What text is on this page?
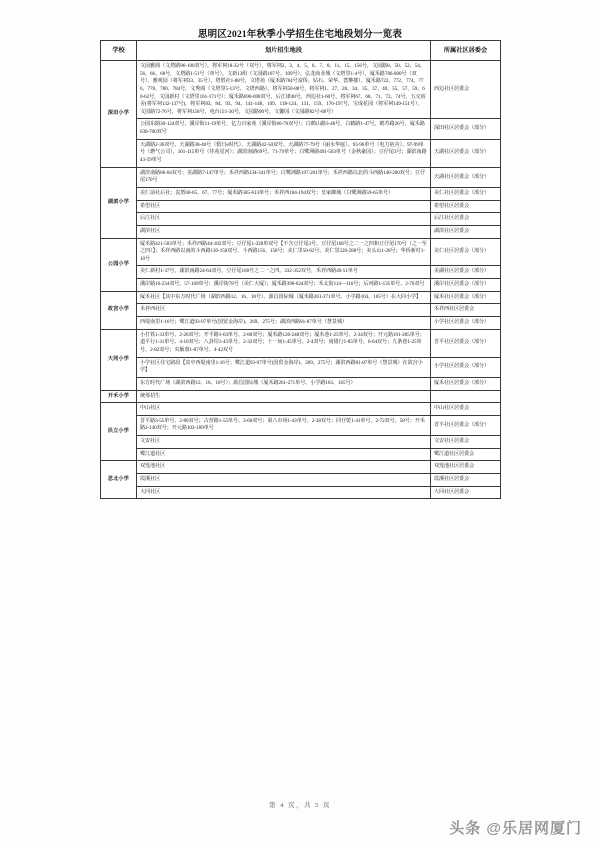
思明区2021年秋季小学招生住宅地段划分一览表
学校	划片招生地段	所属社区居委会
深田小学	文园雅阁（文塔路86-100双号），将军祠18-32号（双号），将军祠2、3、4、5、6、7、8、11、15、156号，文园路8、50、52、54、56、66、68号，文塔路1-51号（单号），文新13组（文园路107号、109号），弘龙商业城（文塔里1-4号），厦禾路786-800号（双号），雅观园（将军祠33、35号），塔厝社1-88号，文塔苑（厦禾路784号富侨、钻石、荣华、蔷攀楼），厦禾路722、772、774、776、778、780、784号，文秀阁（文塔里5-13号、文塔西路），将军祠50-88号，将军祠1、27、28、34、35、37、40、55、57、59、60-62号，文园新村（文塔里161-171号）；厦禾路690-698双号，后江埭48号，西边社1-60号，将军祠67、68、71、72、74号，五交宿舍(将军祠132-137号)，将军祠83、84、93、94、141-148、109、118-124、131、159、176-197号，宝成花园（将军祠149-151号），文园路72-76号，将军祠158号，电台山1-30号，文园路90号，文馨园（文园路82号-88号）	西边社区居委会
	公园东路30-124双号，溪岸街11-19单号，亿力百家苑（溪岸街60-70双号）；白鹤山路3-48号，白鹤路1-47号，鹤寿路26号，厦禾路630-700双号	深田社区居委会（部分）
	天湖路2-36双号、天湖路38-40号（假日e时代）、天湖路42-50双号、天湖路77-79号（丽水华庭）、93-96单号（电力宿舍）、97-99单号（燃气公司）、101-115单号（佳苑星河）；湖滨南路69号、71-79单号；白鹭洲路491-503单号（金秋豪园）；豆仔尾3号；湖滨南路43-59单号	天湖社区居委会（部分）
湖滨小学	湖滨南路66-84双号；美湖路7-147单号；禾祥西路134-341单号；白鹭洲路197-201单号；禾祥西路以北的斗西路140-200双号；豆仔尾170号	天湖社区居委会（部分）
	美仁前社后社；袁厝60-65、67、77号；厦禾路585-613单号；禾祥西184-194双号；皇家御城（白鹭洲路59-65单号）	美仁社区居委会（部分）
	希望社区	希望社区居委会
	后江社区	后江社区居委会
	湖滨社区	湖滨社区居委会
公园小学	厦禾路421-583单号；禾祥西路44-182双号；豆仔尾1-328单双号【不含豆仔尾3号、豆仔尾168号之二一之四和豆仔尾170号（之一至之四）】；禾祥西路以南的斗西路130-150双号、斗西路156、158号；美仁里50-62号、美仁里220-288号；美头山1-28号；华侨新村1-10号	美仁社区居委会（部分）
	美仁新村1-37号，湖滨南路24-64双号，豆仔尾168号之二一之四、332-352双号，禾祥西路49-51单号	美湖社区居委会（部分）
	溪岸路16-234双号、57-169单号；溪岸街78号（美仁大厦）；厦禾路390-624双号；禾太街114—116号；后河路1-135单号、2-70双号	溪岸社区居委会（部分）
故宫小学	厦禾社区【其中东方时代广场（湖滨西路12、16、18号）、源昌国际城（厦禾路261-271单号、小学路163、165号）在大同小学】	厦禾社区居委会（部分）
	禾祥西社区	禾祥西社区居委会
	西堤南里1-16号；鹭江道93-97单号(国贸金海岸)、269、275号；湖滨西路81-87单号（慧景城）	小学社区居委会（部分）
大同小学	小打铁1-33单号、2-26双号；开平路1-63单号、2-80双号；厦禾路126-248双号；厦禾巷1-25单号、2-34双号；开元路191-285单号；道平行1-31单号、4-10双号；八卦埕1-45单号、2-32双号；十一间1-45单号、2-4双号；南猪行1-85单号、6-64双号；九条巷1-25单号、2-82双号；夹飯寮1-87单号、4-42双号	晋平社区居委会（部分）
	小学社区住宅路段【其中西堤南里1-16号；鹭江道93-97单号(国贸金海岸)、269、275号；湖滨西路81-87单号（慧景城）在故宫小学】	小学社区居委会（部分）
	东方时代广场（湖滨西路12、16、18号）；源昌国际城（厦禾路261-271单号、小学路163、165号）	厦禾社区居委会（部分）
开禾小学	统筹招生	
民立小学	中山社区	中山社区居委会
	晋平路3-55单号、2-80双号；古营路1-55单号、2-60双号；第八市场1-43单号、2-38双号；同仔乾1-41单号、2-72双号、58号；开禾路2-140双号；开元路103-189单号	晋平社区居委会（部分）
	文安社区	文安社区居委会
	鹭江道社区	鹭江道社区居委会
思北小学	双莲池社区	双莲池社区居委会
	霞溪社区	霞溪社区居委会
	大同社区	大同社区居委会
第 4 页，共 5 页
头条 @乐居网厦门
